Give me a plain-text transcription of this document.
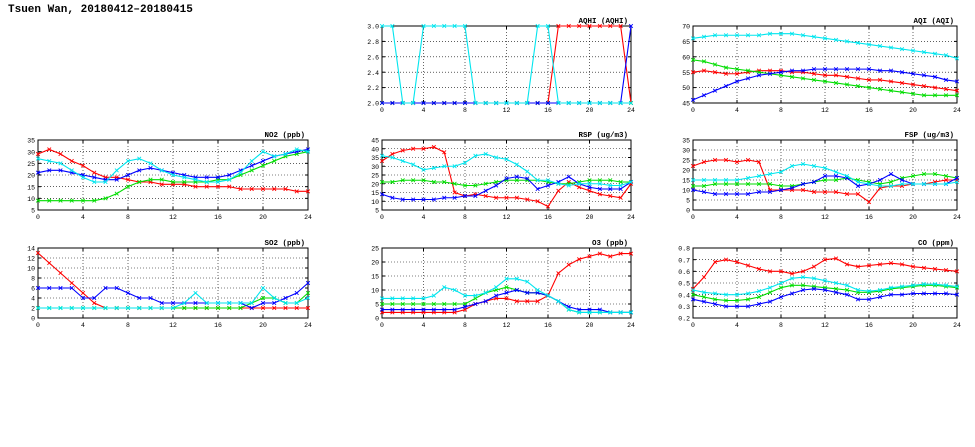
Tsuen Wan, 20180412–20180415
2.0
2.2
2.4
2.6
2.8
3.0
0	4	8	12	16	20	24
AQHI (AQHI)
45
50
55
60
65
70
0	4	8	12	16	20	24
AQI (AQI)
5
10
15
20
25
30
35
0	4	8	12	16	20	24
NO2 (ppb)
5
10
15
20
25
30
35
40
45
0	4	8	12	16	20	24
RSP (ug/m3)
0
5
10
15
20
25
30
35
0	4	8	12	16	20	24
FSP (ug/m3)
0
2
4
6
8
10
12
14
0	4	8	12	16	20	24
SO2 (ppb)
0
5
10
15
20
25
0	4	8	12	16	20	24
O3 (ppb)
0.2
0.3
0.4
0.5
0.6
0.7
0.8
0	4	8	12	16	20	24
CO (ppm)
